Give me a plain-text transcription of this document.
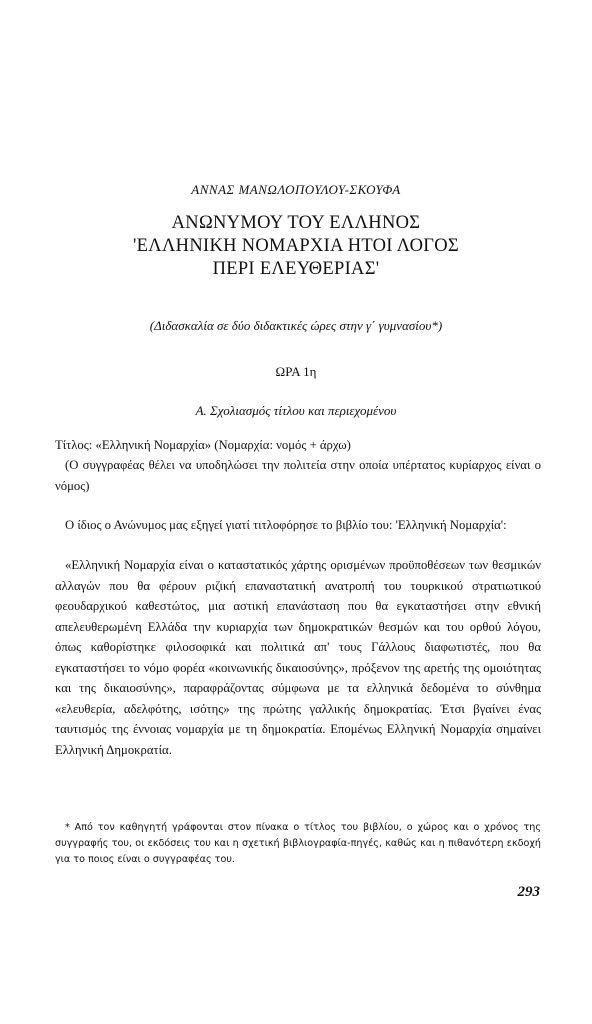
ΑΝΝΑΣ ΜΑΝΩΛΟΠΟΥΛΟΥ-ΣΚΟΥΦΑ
ΑΝΩΝΥΜΟΥ ΤΟΥ ΕΛΛΗΝΟΣ
'ΕΛΛΗΝΙΚΗ ΝΟΜΑΡΧΙΑ ΗΤΟΙ ΛΟΓΟΣ
ΠΕΡΙ ΕΛΕΥΘΕΡΙΑΣ'
(Διδασκαλία σε δύο διδακτικές ώρες στην γ΄ γυμνασίου*)
ΩΡΑ 1η
Α. Σχολιασμός τίτλου και περιεχομένου

Τίτλος: «Ελληνική Νομαρχία» (Νομαρχία: νομός + άρχω)

(Ο συγγραφέας θέλει να υποδηλώσει την πολιτεία στην οποία υπέρτατος κυρίαρχος είναι ο νόμος)

Ο ίδιος ο Ανώνυμος μας εξηγεί γιατί τιτλοφόρησε το βιβλίο του: 'Ελληνική Νομαρχία':

«Ελληνική Νομαρχία είναι ο καταστατικός χάρτης ορισμένων προϋποθέσεων των θεσμικών αλλαγών που θα φέρουν ριζική επαναστατική ανατροπή του τουρκικού στρατιωτικού φεουδαρχικού καθεστώτος, μια αστική επανάσταση που θα εγκαταστήσει στην εθνική απελευθερωμένη Ελλάδα την κυριαρχία των δημοκρατικών θεσμών και του ορθού λόγου, όπως καθορίστηκε φιλοσοφικά και πολιτικά απ' τους Γάλλους διαφωτιστές, που θα εγκαταστήσει το νόμο φορέα «κοινωνικής δικαιοσύνης», πρόξενον της αρετής της ομοιότητας και της δικαιοσύνης», παραφράζοντας σύμφωνα με τα ελληνικά δεδομένα το σύνθημα «ελευθερία, αδελφότης, ισότης» της πρώτης γαλλικής δημοκρατίας. Έτσι βγαίνει ένας ταυτισμός της έννοιας νομαρχία με τη δημοκρατία. Επομένως Ελληνική Νομαρχία σημαίνει Ελληνική Δημοκρατία.

* Από τον καθηγητή γράφονται στον πίνακα ο τίτλος του βιβλίου, ο χώρος και ο χρόνος της συγγραφής του, οι εκδόσεις του και η σχετική βιβλιογραφία-πηγές, καθώς και η πιθανότερη εκδοχή για το ποιος είναι ο συγγραφέας του.

293
